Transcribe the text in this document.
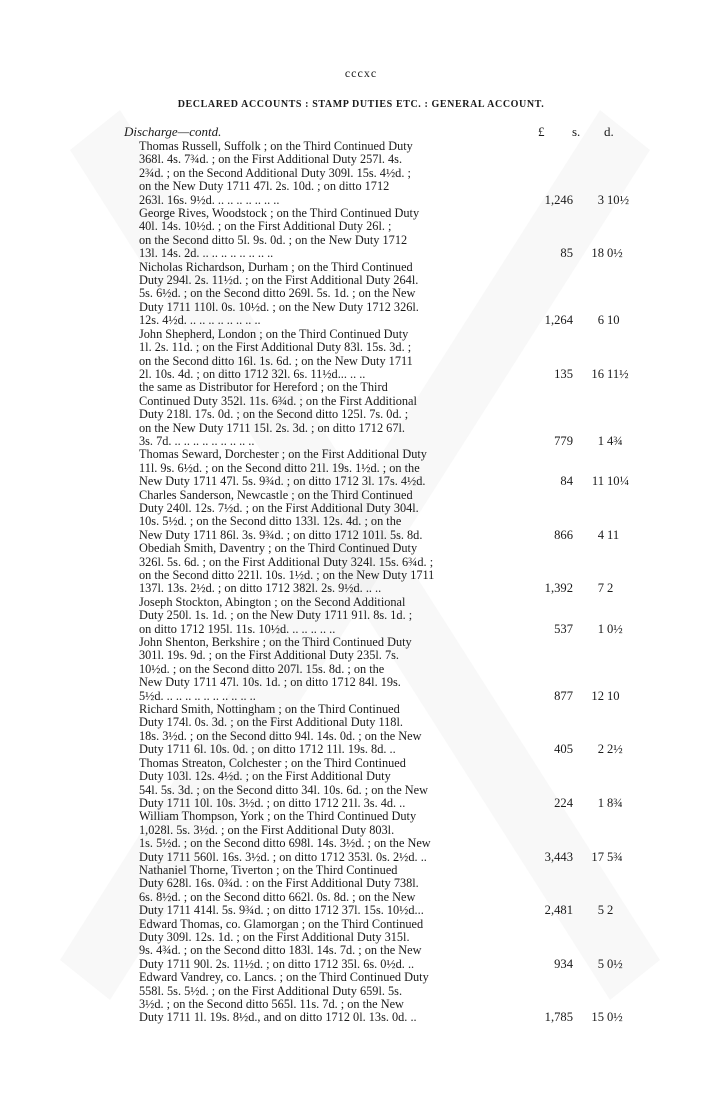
cccxc
DECLARED ACCOUNTS : STAMP DUTIES ETC. : GENERAL ACCOUNT.
Discharge—contd.	£ s. d.
Thomas Russell, Suffolk ; on the Third Continued Duty
368l. 4s. 7¾d. ; on the First Additional Duty 257l. 4s.
2¾d. ; on the Second Additional Duty 309l. 15s. 4½d. ;
on the New Duty 1711 47l. 2s. 10d. ; on ditto 1712
263l. 16s. 9½d. .. .. .. .. .. .. ..	1,246 3 10½
George Rives, Woodstock ; on the Third Continued Duty
40l. 14s. 10½d. ; on the First Additional Duty 26l. ;
on the Second ditto 5l. 9s. 0d. ; on the New Duty 1712
13l. 14s. 2d. .. .. .. .. .. .. .. ..	85 18 0½
Nicholas Richardson, Durham ; on the Third Continued
Duty 294l. 2s. 11½d. ; on the First Additional Duty 264l.
5s. 6½d. ; on the Second ditto 269l. 5s. 1d. ; on the New
Duty 1711 110l. 0s. 10½d. ; on the New Duty 1712 326l.
12s. 4½d. .. .. .. .. .. .. .. ..	1,264 6 10
John Shepherd, London ; on the Third Continued Duty
1l. 2s. 11d. ; on the First Additional Duty 83l. 15s. 3d. ;
on the Second ditto 16l. 1s. 6d. ; on the New Duty 1711
2l. 10s. 4d. ; on ditto 1712 32l. 6s. 11½d... .. ..	135 16 11½
the same as Distributor for Hereford ; on the Third
Continued Duty 352l. 11s. 6¾d. ; on the First Additional
Duty 218l. 17s. 0d. ; on the Second ditto 125l. 7s. 0d. ;
on the New Duty 1711 15l. 2s. 3d. ; on ditto 1712 67l.
3s. 7d. .. .. .. .. .. .. .. .. ..	779 1 4¾
Thomas Seward, Dorchester ; on the First Additional Duty
11l. 9s. 6½d. ; on the Second ditto 21l. 19s. 1½d. ; on the
New Duty 1711 47l. 5s. 9¾d. ; on ditto 1712 3l. 17s. 4½d.	84 11 10¼
Charles Sanderson, Newcastle ; on the Third Continued
Duty 240l. 12s. 7½d. ; on the First Additional Duty 304l.
10s. 5½d. ; on the Second ditto 133l. 12s. 4d. ; on the
New Duty 1711 86l. 3s. 9¾d. ; on ditto 1712 101l. 5s. 8d.	866 4 11
Obediah Smith, Daventry ; on the Third Continued Duty
326l. 5s. 6d. ; on the First Additional Duty 324l. 15s. 6¾d. ;
on the Second ditto 221l. 10s. 1½d. ; on the New Duty 1711
137l. 13s. 2½d. ; on ditto 1712 382l. 2s. 9½d. .. ..	1,392 7 2
Joseph Stockton, Abington ; on the Second Additional
Duty 250l. 1s. 1d. ; on the New Duty 1711 91l. 8s. 1d. ;
on ditto 1712 195l. 11s. 10½d. .. .. .. .. ..	537 1 0½
John Shenton, Berkshire ; on the Third Continued Duty
301l. 19s. 9d. ; on the First Additional Duty 235l. 7s.
10½d. ; on the Second ditto 207l. 15s. 8d. ; on the
New Duty 1711 47l. 10s. 1d. ; on ditto 1712 84l. 19s.
5½d. .. .. .. .. .. .. .. .. .. ..	877 12 10
Richard Smith, Nottingham ; on the Third Continued
Duty 174l. 0s. 3d. ; on the First Additional Duty 118l.
18s. 3½d. ; on the Second ditto 94l. 14s. 0d. ; on the New
Duty 1711 6l. 10s. 0d. ; on ditto 1712 11l. 19s. 8d. ..	405 2 2½
Thomas Streaton, Colchester ; on the Third Continued
Duty 103l. 12s. 4½d. ; on the First Additional Duty
54l. 5s. 3d. ; on the Second ditto 34l. 10s. 6d. ; on the New
Duty 1711 10l. 10s. 3½d. ; on ditto 1712 21l. 3s. 4d. ..	224 1 8¾
William Thompson, York ; on the Third Continued Duty
1,028l. 5s. 3½d. ; on the First Additional Duty 803l.
1s. 5½d. ; on the Second ditto 698l. 14s. 3½d. ; on the New
Duty 1711 560l. 16s. 3½d. ; on ditto 1712 353l. 0s. 2½d. ..	3,443 17 5¾
Nathaniel Thorne, Tiverton ; on the Third Continued
Duty 628l. 16s. 0¾d. : on the First Additional Duty 738l.
6s. 8½d. ; on the Second ditto 662l. 0s. 8d. ; on the New
Duty 1711 414l. 5s. 9¾d. ; on ditto 1712 37l. 15s. 10½d...	2,481 5 2
Edward Thomas, co. Glamorgan ; on the Third Continued
Duty 309l. 12s. 1d. ; on the First Additional Duty 315l.
9s. 4¾d. ; on the Second ditto 183l. 14s. 7d. ; on the New
Duty 1711 90l. 2s. 11½d. ; on ditto 1712 35l. 6s. 0½d. ..	934 5 0½
Edward Vandrey, co. Lancs. ; on the Third Continued Duty
558l. 5s. 5½d. ; on the First Additional Duty 659l. 5s.
3½d. ; on the Second ditto 565l. 11s. 7d. ; on the New
Duty 1711 1l. 19s. 8½d., and on ditto 1712 0l. 13s. 0d. ..	1,785 15 0½
